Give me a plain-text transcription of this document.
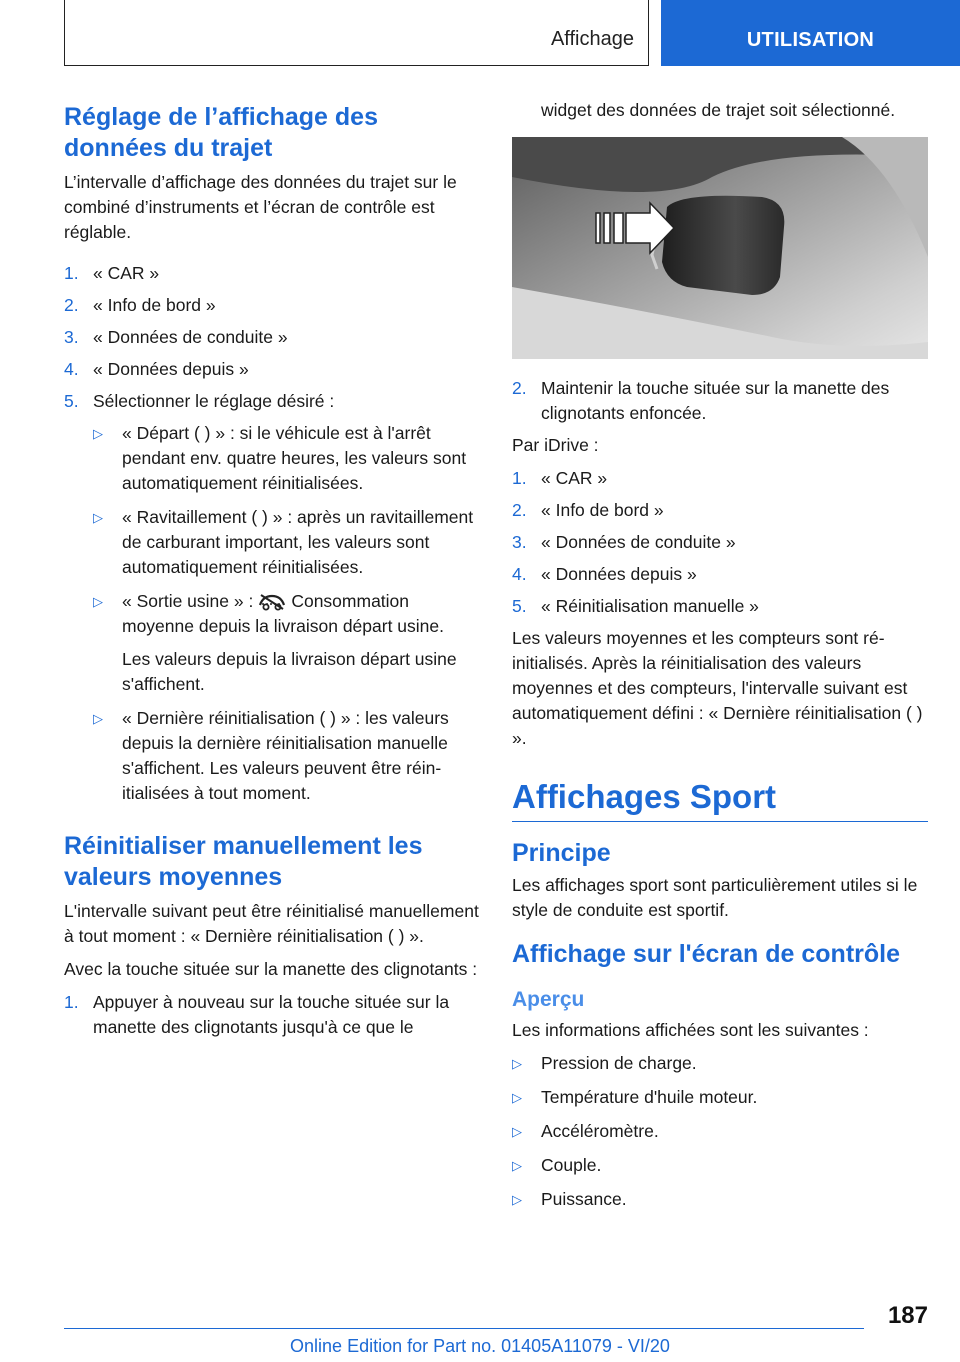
Affichage	UTILISATION
Réglage de l’affichage des données du trajet

L’intervalle d’affichage des données du trajet sur le combiné d’instruments et l’écran de contrôle est réglable.

1. « CAR »
2. « Info de bord »
3. « Données de conduite »
4. « Données depuis »
5. Sélectionner le réglage désiré :
▷ « Départ ( ) » : si le véhicule est à l'arrêt pendant env. quatre heures, les valeurs sont automatiquement réinitialisées.
▷ « Ravitaillement ( ) » : après un ravitaillement de carburant important, les valeurs sont automatiquement réinitialisées.
▷ « Sortie usine » : Consommation moyenne depuis la livraison départ usine.
Les valeurs depuis la livraison départ usine s'affichent.
▷ « Dernière réinitialisation ( ) » : les valeurs depuis la dernière réinitialisation manuelle s'affichent. Les valeurs peuvent être réinitialisées à tout moment.
Réinitialiser manuellement les valeurs moyennes

L'intervalle suivant peut être réinitialisé manuellement à tout moment : « Dernière réinitialisation ( ) ».

Avec la touche située sur la manette des clignotants :

1. Appuyer à nouveau sur la touche située sur la manette des clignotants jusqu'à ce que le

widget des données de trajet soit sélectionné.

2. Maintenir la touche située sur la manette des clignotants enfoncée.

Par iDrive :

1. « CAR »
2. « Info de bord »
3. « Données de conduite »
4. « Données depuis »
5. « Réinitialisation manuelle »

Les valeurs moyennes et les compteurs sont réinitialisés. Après la réinitialisation des valeurs moyennes et des compteurs, l'intervalle suivant est automatiquement défini : « Dernière réinitialisation ( ) ».

Affichages Sport
Principe

Les affichages sport sont particulièrement utiles si le style de conduite est sportif.

Affichage sur l'écran de contrôle
Aperçu

Les informations affichées sont les suivantes :

▷ Pression de charge.
▷ Température d'huile moteur.
▷ Accéléromètre.
▷ Couple.
▷ Puissance.
187
Online Edition for Part no. 01405A11079 - VI/20
